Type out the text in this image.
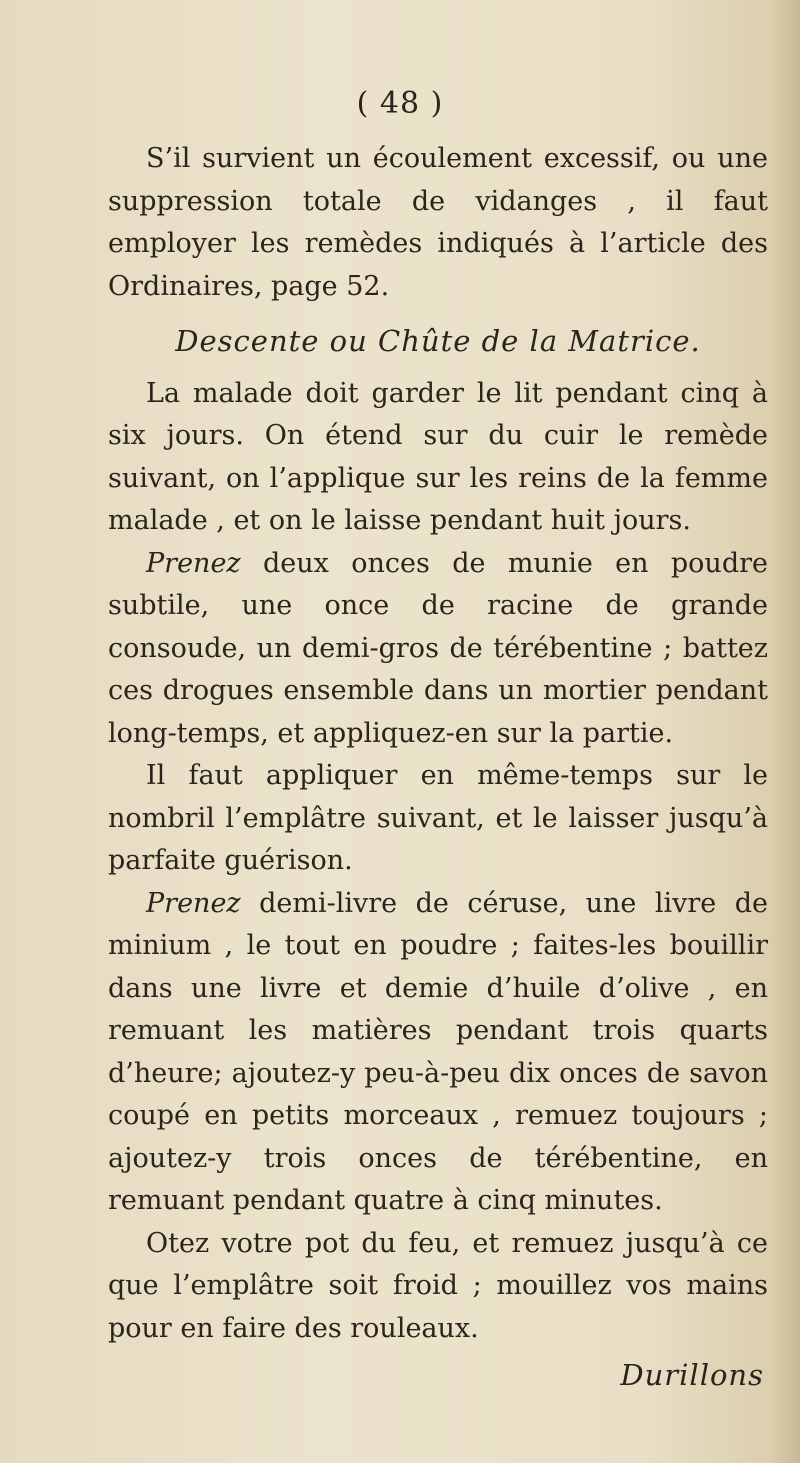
( 48 )

S’il survient un écoulement excessif, ou une suppression totale de vidanges , il faut employer les remèdes indiqués à l’article des Ordinaires, page 52.

Descente ou Chûte de la Matrice.

La malade doit garder le lit pendant cinq à six jours. On étend sur du cuir le remède suivant, on l’applique sur les reins de la femme malade , et on le laisse pendant huit jours.

Prenez deux onces de munie en poudre subtile, une once de racine de grande consoude, un demi-gros de térébentine ; battez ces drogues ensemble dans un mortier pendant long-temps, et appliquez-en sur la partie.

Il faut appliquer en même-temps sur le nombril l’emplâtre suivant, et le laisser jusqu’à parfaite guérison.

Prenez demi-livre de céruse, une livre de minium , le tout en poudre ; faites-les bouillir dans une livre et demie d’huile d’olive , en remuant les matières pendant trois quarts d’heure; ajoutez-y peu-à-peu dix onces de savon coupé en petits morceaux , remuez toujours ; ajoutez-y trois onces de térébentine, en remuant pendant quatre à cinq minutes.

Otez votre pot du feu, et remuez jusqu’à ce que l’emplâtre soit froid ; mouillez vos mains pour en faire des rouleaux.

Durillons
